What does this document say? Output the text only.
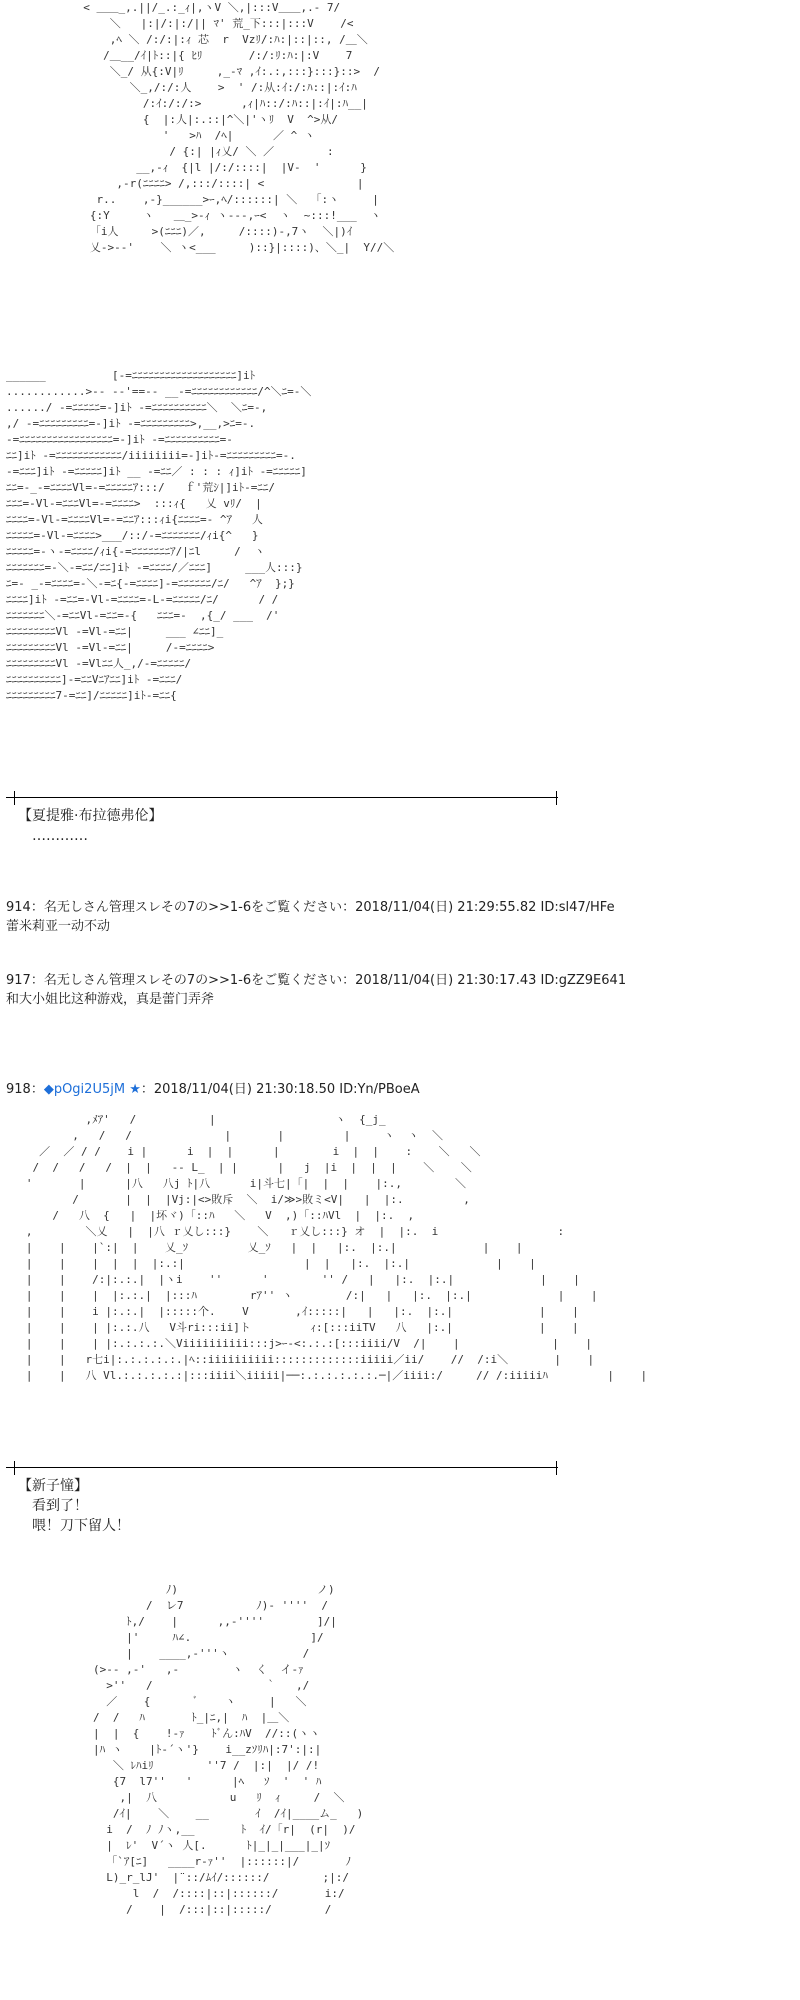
< ＿＿_,.||/_.:_ｨ|,ヽV ＼,|:::V＿＿,.- 7/
＼   |:|/:|:/|| ﾏ' 荒_下:::|:::V    /<
,ﾍ ＼ /:/:|:ｨ 芯  r  Vzﾘ/:ﾊ:|::|::, /＿＼
/＿__/ｲ|ﾄ::|{ ﾋﾘ       /:/:ﾘ:ﾊ:|:V    7
＼_/ 从{:V|ﾘ     ,_-ﾏ ,ｲ:.:,:::}:::}::>  /
＼_,/:/:人    >  ' /:从:ｲ:/:ﾊ::|:ｲ:ﾊ
/:ｲ:/:/:>      ,ｨ|ﾊ::/:ﾊ::|:ｲ|:ﾊ__|
{  |:人|:.::|^＼|'ヽﾘ  V  ^>从/
'   >ﾊ  /ﾍ|      ／ ^ ヽ
/ {:| |ｨ乂/ ＼ ／        :
__,-ｨ  {|l |/:/::::|  |V-  '      }
,-r(ﾆﾆﾆﾆ> /,:::/::::| <              |
r..    ,-}______>ｰ,ﾍ/::::::| ＼  「:ヽ     |
{:Y     ヽ   ＿_>-ｨ ヽ---,ｰ<  ヽ  ~:::!___  ヽ
「i人     >(ﾆﾆﾆ)／,     /::::)-,7ヽ  ＼|)ｲ
乂->--'    ＼ ヽ<___     )::}|::::)、＼_|  Y//＼
______          [-=ﾆﾆﾆﾆﾆﾆﾆﾆﾆﾆﾆﾆﾆﾆﾆﾆﾆﾆﾆ]iﾄ
............>-- --'==-- __-=ﾆﾆﾆﾆﾆﾆﾆﾆﾆﾆﾆﾆ/^＼ﾆ=-＼
....../ -=ﾆﾆﾆﾆﾆ=-]iﾄ -=ﾆﾆﾆﾆﾆﾆﾆﾆﾆﾆ＼  ＼ﾆ=-,
,/ -=ﾆﾆﾆﾆﾆﾆﾆﾆﾆ=-]iﾄ -=ﾆﾆﾆﾆﾆﾆﾆﾆﾆ>,__,>ﾆ=-.
-=ﾆﾆﾆﾆﾆﾆﾆﾆﾆﾆﾆﾆﾆﾆﾆﾆﾆ=-]iﾄ -=ﾆﾆﾆﾆﾆﾆﾆﾆﾆﾆ=-
ﾆﾆ]iﾄ -=ﾆﾆﾆﾆﾆﾆﾆﾆﾆﾆﾆﾆ/iiiiiiii=-]iﾄ-=ﾆﾆﾆﾆﾆﾆﾆﾆﾆ=-.
-=ﾆﾆﾆ]iﾄ -=ﾆﾆﾆﾆﾆ]iﾄ __ -=ﾆﾆ／ : : : ｨ]iﾄ -=ﾆﾆﾆﾆﾆ]
ﾆﾆ=-_-=ﾆﾆﾆﾆVl=-=ﾆﾆﾆﾆﾆｱ:::/   ｆ'荒ｼ|]iﾄ-=ﾆﾆ/
ﾆﾆﾆ=-Vl-=ﾆﾆﾆVl=-=ﾆﾆﾆﾆ>  :::ｨ{   乂 vﾘ/  |
ﾆﾆﾆﾆ=-Vl-=ﾆﾆﾆﾆVl=-=ﾆﾆｱ:::ｨi{ﾆﾆﾆﾆ=- ^ｱ   人
ﾆﾆﾆﾆﾆ=-Vl-=ﾆﾆﾆﾆ>___/::/-=ﾆﾆﾆﾆﾆﾆﾆ/ｨi{^   }
ﾆﾆﾆﾆﾆ=-ヽ-=ﾆﾆﾆﾆ/ｨi{-=ﾆﾆﾆﾆﾆﾆﾆｱ/|ﾆl     /  ヽ
ﾆﾆﾆﾆﾆﾆﾆ=-＼-=ﾆﾆ/ﾆﾆ]iﾄ -=ﾆﾆﾆﾆ/／ﾆﾆﾆ]     ___人:::}
ﾆ=- _-=ﾆﾆﾆﾆ=-＼-=ﾆ{-=ﾆﾆﾆﾆ]-=ﾆﾆﾆﾆﾆﾆ/ﾆ/   ^ｱ  };}
ﾆﾆﾆﾆ]iﾄ -=ﾆﾆ=-Vl-=ﾆﾆﾆﾆ=-L-=ﾆﾆﾆﾆﾆ/ﾆ/      / /
ﾆﾆﾆﾆﾆﾆﾆ＼-=ﾆﾆVl-=ﾆﾆ=-{   ﾆﾆﾆ=-  ,{_/ ___  /'
ﾆﾆﾆﾆﾆﾆﾆﾆﾆVl -=Vl-=ﾆﾆ|     ___ ∠ﾆﾆ]_
ﾆﾆﾆﾆﾆﾆﾆﾆﾆVl -=Vl-=ﾆﾆ|     /-=ﾆﾆﾆﾆ>
ﾆﾆﾆﾆﾆﾆﾆﾆﾆVl -=Vlﾆﾆ人_,/-=ﾆﾆﾆﾆﾆ/
ﾆﾆﾆﾆﾆﾆﾆﾆﾆﾆ]-=ﾆﾆVﾆｱﾆﾆ]iﾄ -=ﾆﾆﾆ/
ﾆﾆﾆﾆﾆﾆﾆﾆﾆ7-=ﾆﾆ]/ﾆﾆﾆﾆﾆ]iﾄ-=ﾆﾆ{
【夏提雅·布拉德弗伦】
…………
914：名无しさん管理スレその7の>>1-6をご覧ください：2018/11/04(日) 21:29:55.82 ID:sl47/HFe
蕾米莉亚一动不动
917：名无しさん管理スレその7の>>1-6をご覧ください：2018/11/04(日) 21:30:17.43 ID:gZZ9E641
和大小姐比这种游戏，真是蕾门弄斧
918：◆pOgi2U5jM ★：2018/11/04(日) 21:30:18.50 ID:Yn/PBoeA
,ﾒｱ'   /           |                  ヽ  {_j_
,   /   /              |       |         |     ヽ  ヽ  ＼
／  ／ / /    i |      i  |  |      |        i  |  |    :    ＼   ＼
/  /   /   /  |  |   -- L_  | |      |   j  |i  |  |  |    ＼    ＼
'       |      |八   八j ﾄ|八      i|斗七|「|  |  |    |:.,        ＼
/       |  |  |Vj:|<>敗斥  ＼  i/≫>敗ミ<V|   |  |:.         ,
/   八  {   |  |坏ヾ)「::ﾊ   ＼   V  ,)「::ﾊVl  |  |:.  ,
,        ＼乂   |  |八 ｒ乂し:::}    ＼   ｒ乂し:::} オ  |  |:.  i                  :
|    |    |`:|  |    乂_ｿ         乂_ｿ   |  |   |:.  |:.|             |    |
|    |    |  |  |  |:.:|                  |  |   |:.  |:.|             |    |
|    |    /:|:.:.|  |ヽi    ''      '        '' /   |   |:.  |:.|             |    |
|    |    |  |:.:.|  |:::ﾊ        rｱ'' ヽ        /:|   |   |:.  |:.|             |    |
|    |    i |:.:.|  |:::::个.    V       ,ｲ:::::|   |   |:.  |:.|             |    |
|    |    | |:.:.八   V斗ri:::ii]ト         ｨ:[:::iiTV   八   |:.|             |    |
|    |    | |:.:.:.:.＼Viiiiiiiiii:::j>ｰ-<:.:.:[:::iiii/V  /|    |              |    |
|    |   r七i|:.:.:.:.:.|ﾍ::iiiiiiiiii:::::::::::::iiiii／ii/    //  /:i＼       |    |
|    |   八 Vl.:.:.:.:.:|:::iiii＼iiiii|──:.:.:.:.:.:.─|／iiii:/     // /:iiiiiﾊ         |    |
【新子憧】
看到了！
喂！刀下留人！
ﾉ)                     ノ)
/  レ7           ﾉ)- ''''  /
ﾄ,/    |      ,,-''''        ]/|
|'     ﾊ∠.                  ]/
|    ____,-'''ヽ           /
(>-- ,-'   ,-        ヽ  く  イ-ｧ
>''   /                 ｀   ,/
／    {       ﾞ    ヽ     |   ＼
/  /   ﾊ       ﾄ_|ﾆ,|  ﾊ  |＿＼
|  |  {    !-ｧ    ﾄﾞん:ﾊV  //::(ヽヽ
|ﾊ ヽ    |ﾄ-´ヽ'}    i__zｿﾘﾊ|:7':|:|
＼ ﾚﾊiﾘ        ''7 /  |:|  |/ /!
{7  l7''   '      |ﾍ   ｿ  '  ' ﾊ
,|  八           u   ﾘ  ｨ     /  ＼
/ｲ|    ＼    __       ｲ  /ｲ|____ム_   )
i  /  ﾉ ﾉヽ,__       ﾄ  ｲ/「r|  (r|  )/
|  ﾚ'  V´ヽ 人[.      ﾄ|_|_|___|_|ｿ
「`ｱ[ﾆ]   ____r-ｧ''  |::::::|/       ﾉ
L)_r_lJ'  |¨::/ﾑｲ/::::::/        ;|:/
l  /  /::::|::|::::::/       i:/
/    |  /:::|::|:::::/        /
